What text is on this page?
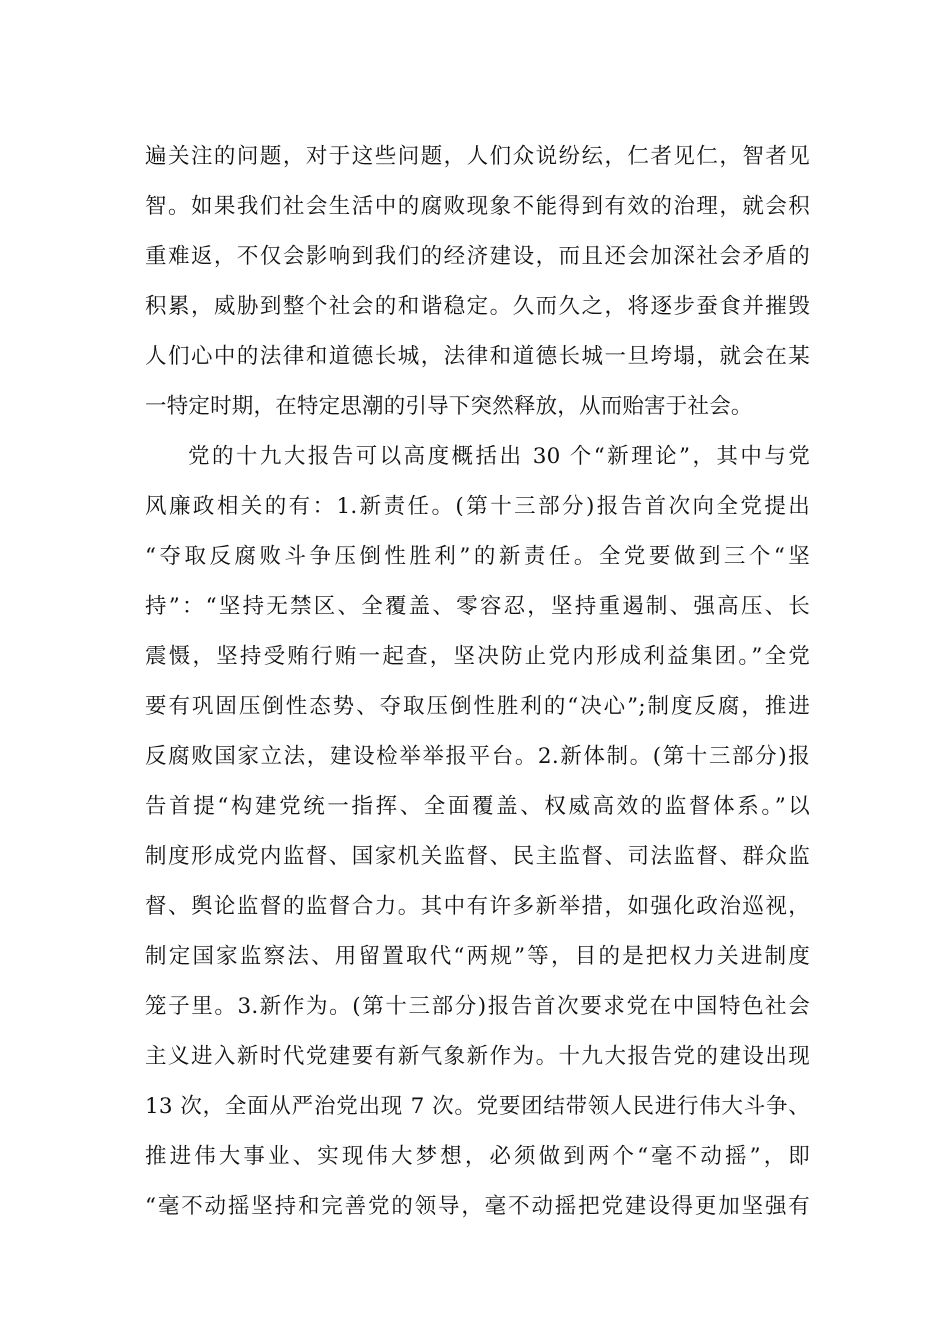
遍关注的问题，对于这些问题，人们众说纷纭，仁者见仁，智者见
智。如果我们社会生活中的腐败现象不能得到有效的治理，就会积
重难返，不仅会影响到我们的经济建设，而且还会加深社会矛盾的
积累，威胁到整个社会的和谐稳定。久而久之，将逐步蚕食并摧毁
人们心中的法律和道德长城，法律和道德长城一旦垮塌，就会在某
一特定时期，在特定思潮的引导下突然释放，从而贻害于社会。
党的十九大报告可以高度概括出 30 个“新理论”，其中与党
风廉政相关的有：1.新责任。(第十三部分)报告首次向全党提出
“夺取反腐败斗争压倒性胜利”的新责任。全党要做到三个“坚
持”：“坚持无禁区、全覆盖、零容忍，坚持重遏制、强高压、长
震慑，坚持受贿行贿一起查，坚决防止党内形成利益集团。”全党
要有巩固压倒性态势、夺取压倒性胜利的“决心”;制度反腐，推进
反腐败国家立法，建设检举举报平台。2.新体制。(第十三部分)报
告首提“构建党统一指挥、全面覆盖、权威高效的监督体系。”以
制度形成党内监督、国家机关监督、民主监督、司法监督、群众监
督、舆论监督的监督合力。其中有许多新举措，如强化政治巡视，
制定国家监察法、用留置取代“两规”等，目的是把权力关进制度
笼子里。3.新作为。(第十三部分)报告首次要求党在中国特色社会
主义进入新时代党建要有新气象新作为。十九大报告党的建设出现
13 次，全面从严治党出现 7 次。党要团结带领人民进行伟大斗争、
推进伟大事业、实现伟大梦想，必须做到两个“毫不动摇”，即
“毫不动摇坚持和完善党的领导，毫不动摇把党建设得更加坚强有
